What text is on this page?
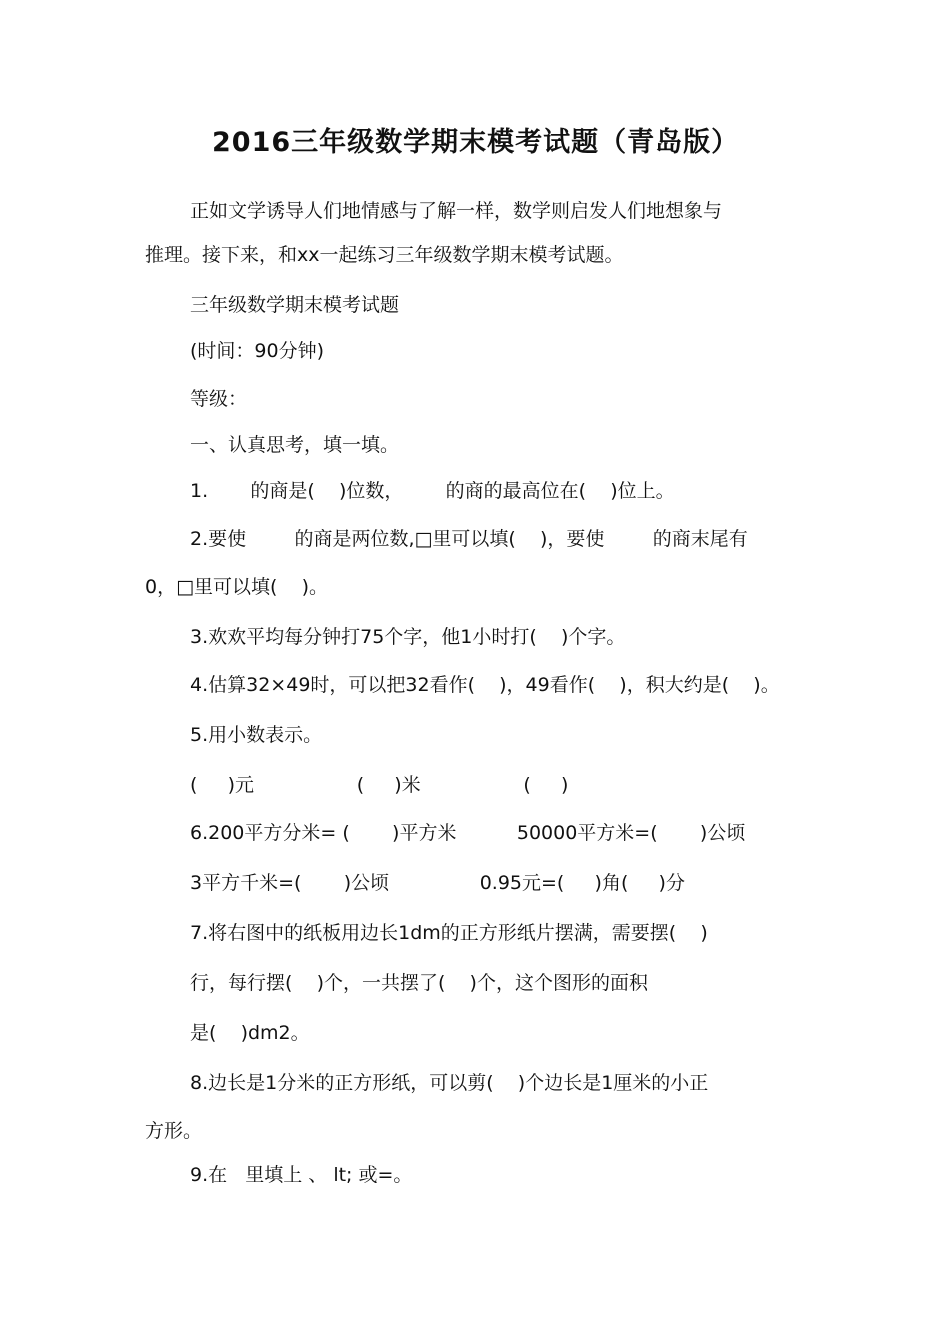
2016三年级数学期末模考试题（青岛版）
正如文学诱导人们地情感与了解一样，数学则启发人们地想象与
推理。接下来，和xx一起练习三年级数学期末模考试题。
三年级数学期末模考试题
(时间：90分钟)
等级：
一、认真思考，填一填。
1.       的商是(    )位数，       的商的最高位在(    )位上。
2.要使        的商是两位数,□里可以填(    )，要使        的商末尾有
0，□里可以填(    )。
3.欢欢平均每分钟打75个字，他1小时打(    )个字。
4.估算32×49时，可以把32看作(    )，49看作(    )，积大约是(    )。
5.用小数表示。
(     )元                 (     )米                 (     )
6.200平方分米= (       )平方米          50000平方米=(       )公顷
3平方千米=(       )公顷               0.95元=(     )角(     )分
7.将右图中的纸板用边长1dm的正方形纸片摆满，需要摆(    )
行，每行摆(    )个，一共摆了(    )个，这个图形的面积
是(    )dm2。
8.边长是1分米的正方形纸，可以剪(    )个边长是1厘米的小正
方形。
9.在   里填上 、 lt; 或=。
